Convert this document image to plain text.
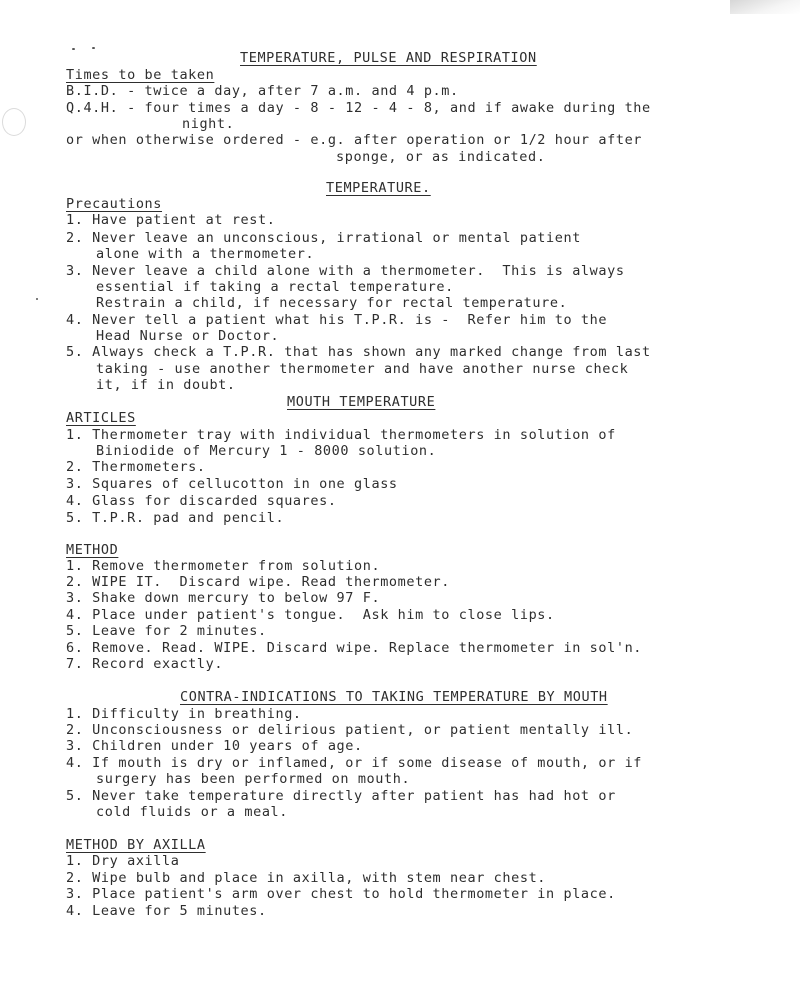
TEMPERATURE, PULSE AND RESPIRATION
Times to be taken
B.I.D. - twice a day, after 7 a.m. and 4 p.m.
Q.4.H. - four times a day - 8 - 12 - 4 - 8, and if awake during the
night.
or when otherwise ordered - e.g. after operation or 1/2 hour after
sponge, or as indicated.
TEMPERATURE.
Precautions
1. Have patient at rest.
2. Never leave an unconscious, irrational or mental patient
alone with a thermometer.
3. Never leave a child alone with a thermometer.  This is always
essential if taking a rectal temperature.
Restrain a child, if necessary for rectal temperature.
4. Never tell a patient what his T.P.R. is -  Refer him to the
Head Nurse or Doctor.
5. Always check a T.P.R. that has shown any marked change from last
taking - use another thermometer and have another nurse check
it, if in doubt.
MOUTH TEMPERATURE
ARTICLES
1. Thermometer tray with individual thermometers in solution of
Biniodide of Mercury 1 - 8000 solution.
2. Thermometers.
3. Squares of cellucotton in one glass
4. Glass for discarded squares.
5. T.P.R. pad and pencil.
METHOD
1. Remove thermometer from solution.
2. WIPE IT.  Discard wipe. Read thermometer.
3. Shake down mercury to below 97 F.
4. Place under patient's tongue.  Ask him to close lips.
5. Leave for 2 minutes.
6. Remove. Read. WIPE. Discard wipe. Replace thermometer in sol'n.
7. Record exactly.
CONTRA-INDICATIONS TO TAKING TEMPERATURE BY MOUTH
1. Difficulty in breathing.
2. Unconsciousness or delirious patient, or patient mentally ill.
3. Children under 10 years of age.
4. If mouth is dry or inflamed, or if some disease of mouth, or if
surgery has been performed on mouth.
5. Never take temperature directly after patient has had hot or
cold fluids or a meal.
METHOD BY AXILLA
1. Dry axilla
2. Wipe bulb and place in axilla, with stem near chest.
3. Place patient's arm over chest to hold thermometer in place.
4. Leave for 5 minutes.
